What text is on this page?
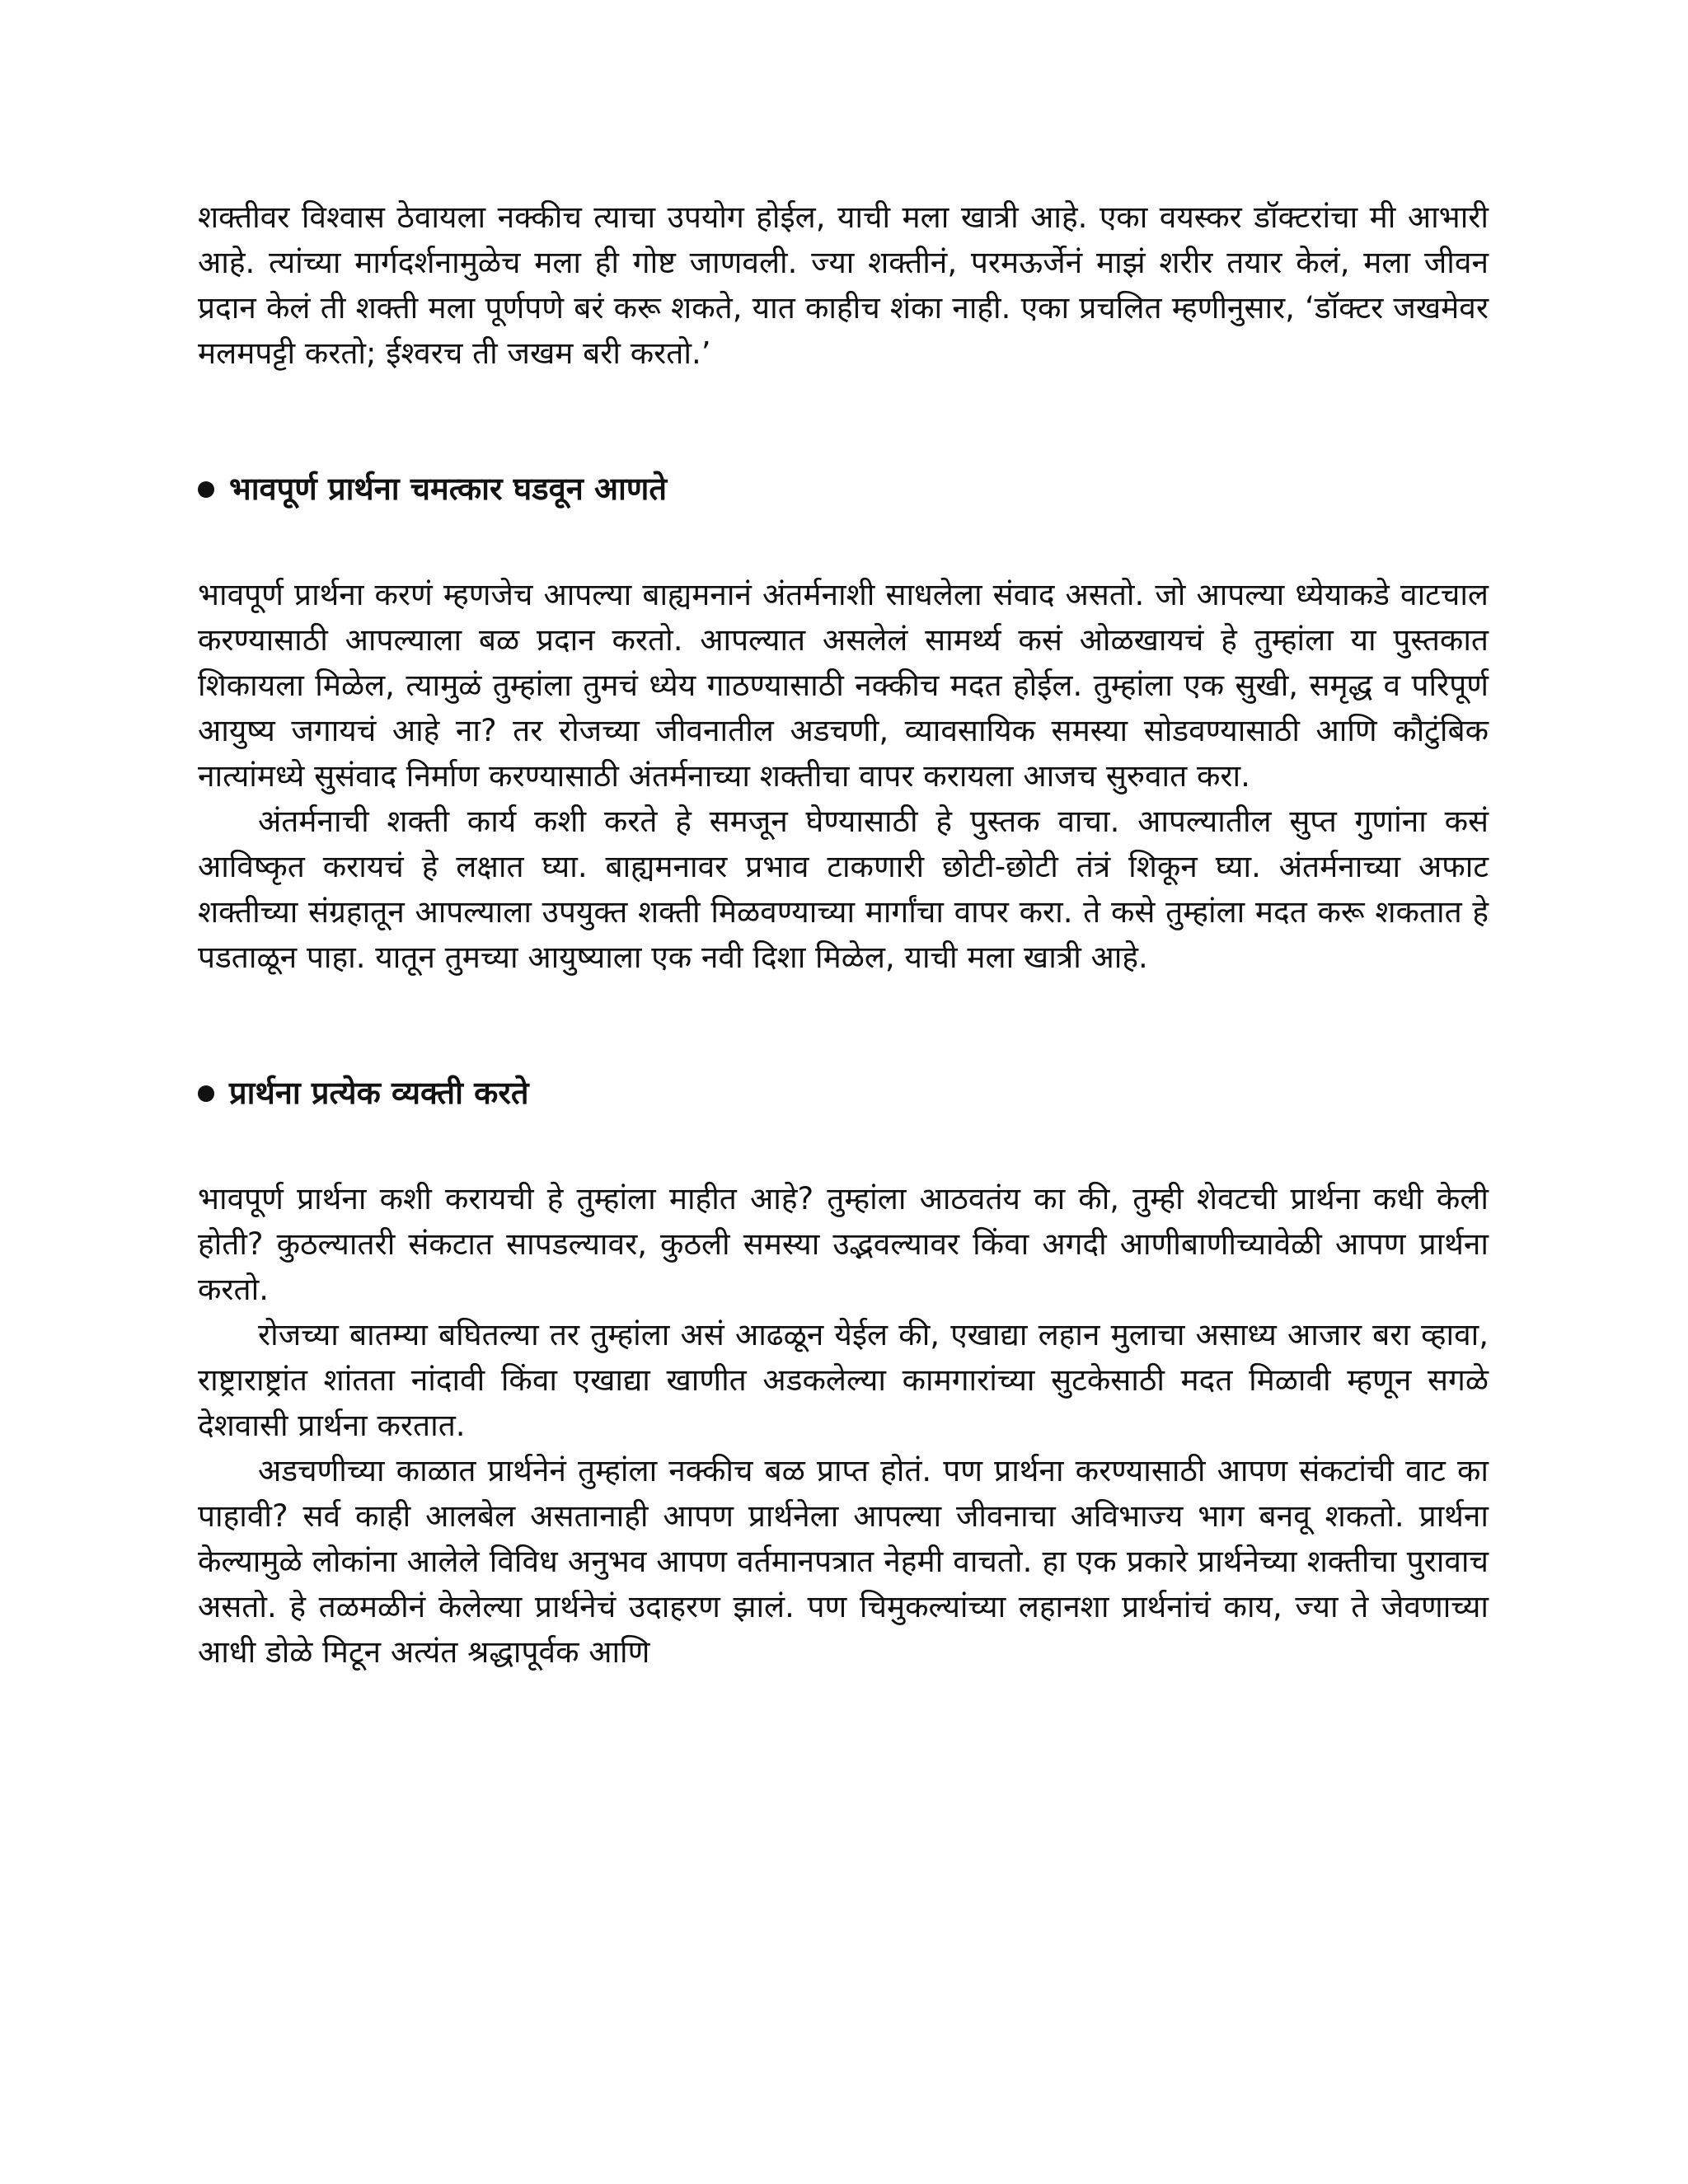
शक्तीवर विश्वास ठेवायला नक्कीच त्याचा उपयोग होईल, याची मला खात्री आहे. एका वयस्कर डॉक्टरांचा मी आभारी आहे. त्यांच्या मार्गदर्शनामुळेच मला ही गोष्ट जाणवली. ज्या शक्तीनं, परमऊर्जेनं माझं शरीर तयार केलं, मला जीवन प्रदान केलं ती शक्ती मला पूर्णपणे बरं करू शकते, यात काहीच शंका नाही. एका प्रचलित म्हणीनुसार, ‘डॉक्टर जखमेवर मलमपट्टी करतो; ईश्वरच ती जखम बरी करतो.’

भावपूर्ण प्रार्थना चमत्कार घडवून आणते

भावपूर्ण प्रार्थना करणं म्हणजेच आपल्या बाह्यमनानं अंतर्मनाशी साधलेला संवाद असतो. जो आपल्या ध्येयाकडे वाटचाल करण्यासाठी आपल्याला बळ प्रदान करतो. आपल्यात असलेलं सामर्थ्य कसं ओळखायचं हे तुम्हांला या पुस्तकात शिकायला मिळेल, त्यामुळं तुम्हांला तुमचं ध्येय गाठण्यासाठी नक्कीच मदत होईल. तुम्हांला एक सुखी, समृद्ध व परिपूर्ण आयुष्य जगायचं आहे ना? तर रोजच्या जीवनातील अडचणी, व्यावसायिक समस्या सोडवण्यासाठी आणि कौटुंबिक नात्यांमध्ये सुसंवाद निर्माण करण्यासाठी अंतर्मनाच्या शक्तीचा वापर करायला आजच सुरुवात करा.

अंतर्मनाची शक्ती कार्य कशी करते हे समजून घेण्यासाठी हे पुस्तक वाचा. आपल्यातील सुप्त गुणांना कसं आविष्कृत करायचं हे लक्षात घ्या. बाह्यमनावर प्रभाव टाकणारी छोटी-छोटी तंत्रं शिकून घ्या. अंतर्मनाच्या अफाट शक्तीच्या संग्रहातून आपल्याला उपयुक्त शक्ती मिळवण्याच्या मार्गांचा वापर करा. ते कसे तुम्हांला मदत करू शकतात हे पडताळून पाहा. यातून तुमच्या आयुष्याला एक नवी दिशा मिळेल, याची मला खात्री आहे.

प्रार्थना प्रत्येक व्यक्ती करते

भावपूर्ण प्रार्थना कशी करायची हे तुम्हांला माहीत आहे? तुम्हांला आठवतंय का की, तुम्ही शेवटची प्रार्थना कधी केली होती? कुठल्यातरी संकटात सापडल्यावर, कुठली समस्या उद्भवल्यावर किंवा अगदी आणीबाणीच्यावेळी आपण प्रार्थना करतो.

रोजच्या बातम्या बघितल्या तर तुम्हांला असं आढळून येईल की, एखाद्या लहान मुलाचा असाध्य आजार बरा व्हावा, राष्ट्राराष्ट्रांत शांतता नांदावी किंवा एखाद्या खाणीत अडकलेल्या कामगारांच्या सुटकेसाठी मदत मिळावी म्हणून सगळे देशवासी प्रार्थना करतात.

अडचणीच्या काळात प्रार्थनेनं तुम्हांला नक्कीच बळ प्राप्त होतं. पण प्रार्थना करण्यासाठी आपण संकटांची वाट का पाहावी? सर्व काही आलबेल असतानाही आपण प्रार्थनेला आपल्या जीवनाचा अविभाज्य भाग बनवू शकतो. प्रार्थना केल्यामुळे लोकांना आलेले विविध अनुभव आपण वर्तमानपत्रात नेहमी वाचतो. हा एक प्रकारे प्रार्थनेच्या शक्तीचा पुरावाच असतो. हे तळमळीनं केलेल्या प्रार्थनेचं उदाहरण झालं. पण चिमुकल्यांच्या लहानशा प्रार्थनांचं काय, ज्या ते जेवणाच्या आधी डोळे मिटून अत्यंत श्रद्धापूर्वक आणि
